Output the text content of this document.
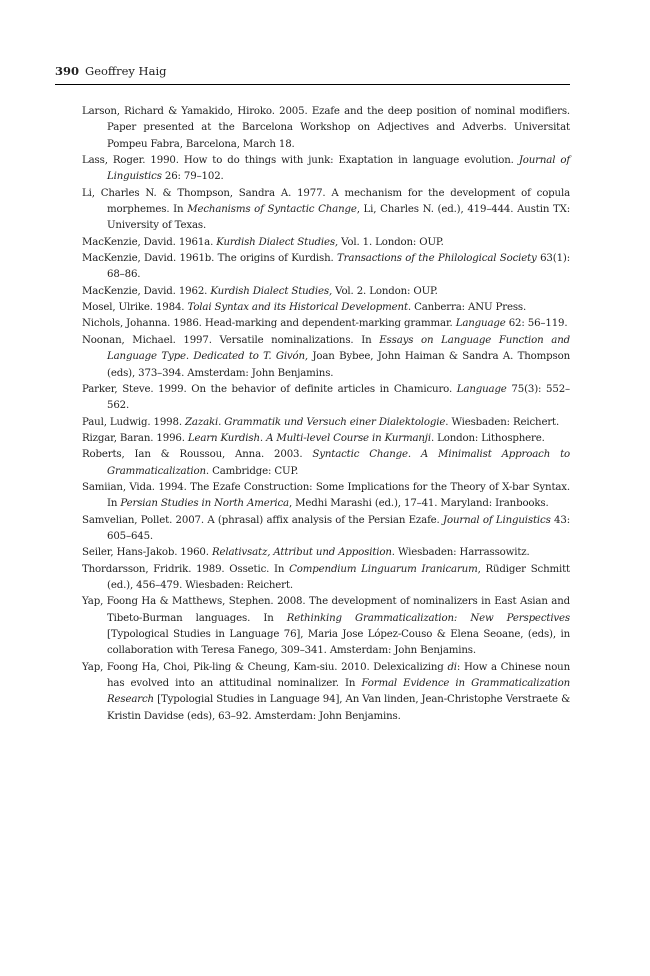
390 Geoffrey Haig
Larson, Richard & Yamakido, Hiroko. 2005. Ezafe and the deep position of nominal modifiers. Paper presented at the Barcelona Workshop on Adjectives and Adverbs. Universitat Pompeu Fabra, Barcelona, March 18.
Lass, Roger. 1990. How to do things with junk: Exaptation in language evolution. Journal of Linguistics 26: 79–102.
Li, Charles N. & Thompson, Sandra A. 1977. A mechanism for the development of copula morphemes. In Mechanisms of Syntactic Change, Li, Charles N. (ed.), 419–444. Austin TX: University of Texas.
MacKenzie, David. 1961a. Kurdish Dialect Studies, Vol. 1. London: OUP.
MacKenzie, David. 1961b. The origins of Kurdish. Transactions of the Philological Society 63(1): 68–86.
MacKenzie, David. 1962. Kurdish Dialect Studies, Vol. 2. London: OUP.
Mosel, Ulrike. 1984. Tolai Syntax and its Historical Development. Canberra: ANU Press.
Nichols, Johanna. 1986. Head-marking and dependent-marking grammar. Language 62: 56–119.
Noonan, Michael. 1997. Versatile nominalizations. In Essays on Language Function and Language Type. Dedicated to T. Givón, Joan Bybee, John Haiman & Sandra A. Thompson (eds), 373–394. Amsterdam: John Benjamins.
Parker, Steve. 1999. On the behavior of definite articles in Chamicuro. Language 75(3): 552–562.
Paul, Ludwig. 1998. Zazaki. Grammatik und Versuch einer Dialektologie. Wiesbaden: Reichert.
Rizgar, Baran. 1996. Learn Kurdish. A Multi-level Course in Kurmanji. London: Lithosphere.
Roberts, Ian & Roussou, Anna. 2003. Syntactic Change. A Minimalist Approach to Grammaticalization. Cambridge: CUP.
Samiian, Vida. 1994. The Ezafe Construction: Some Implications for the Theory of X-bar Syntax. In Persian Studies in North America, Medhi Marashi (ed.), 17–41. Maryland: Iranbooks.
Samvelian, Pollet. 2007. A (phrasal) affix analysis of the Persian Ezafe. Journal of Linguistics 43: 605–645.
Seiler, Hans-Jakob. 1960. Relativsatz, Attribut und Apposition. Wiesbaden: Harrassowitz.
Thordarsson, Fridrik. 1989. Ossetic. In Compendium Linguarum Iranicarum, Rüdiger Schmitt (ed.), 456–479. Wiesbaden: Reichert.
Yap, Foong Ha & Matthews, Stephen. 2008. The development of nominalizers in East Asian and Tibeto-Burman languages. In Rethinking Grammaticalization: New Perspectives [Typological Studies in Language 76], Maria Jose López-Couso & Elena Seoane, (eds), in collaboration with Teresa Fanego, 309–341. Amsterdam: John Benjamins.
Yap, Foong Ha, Choi, Pik-ling & Cheung, Kam-siu. 2010. Delexicalizing di: How a Chinese noun has evolved into an attitudinal nominalizer. In Formal Evidence in Grammaticalization Research [Typologial Studies in Language 94], An Van linden, Jean-Christophe Verstraete & Kristin Davidse (eds), 63–92. Amsterdam: John Benjamins.
